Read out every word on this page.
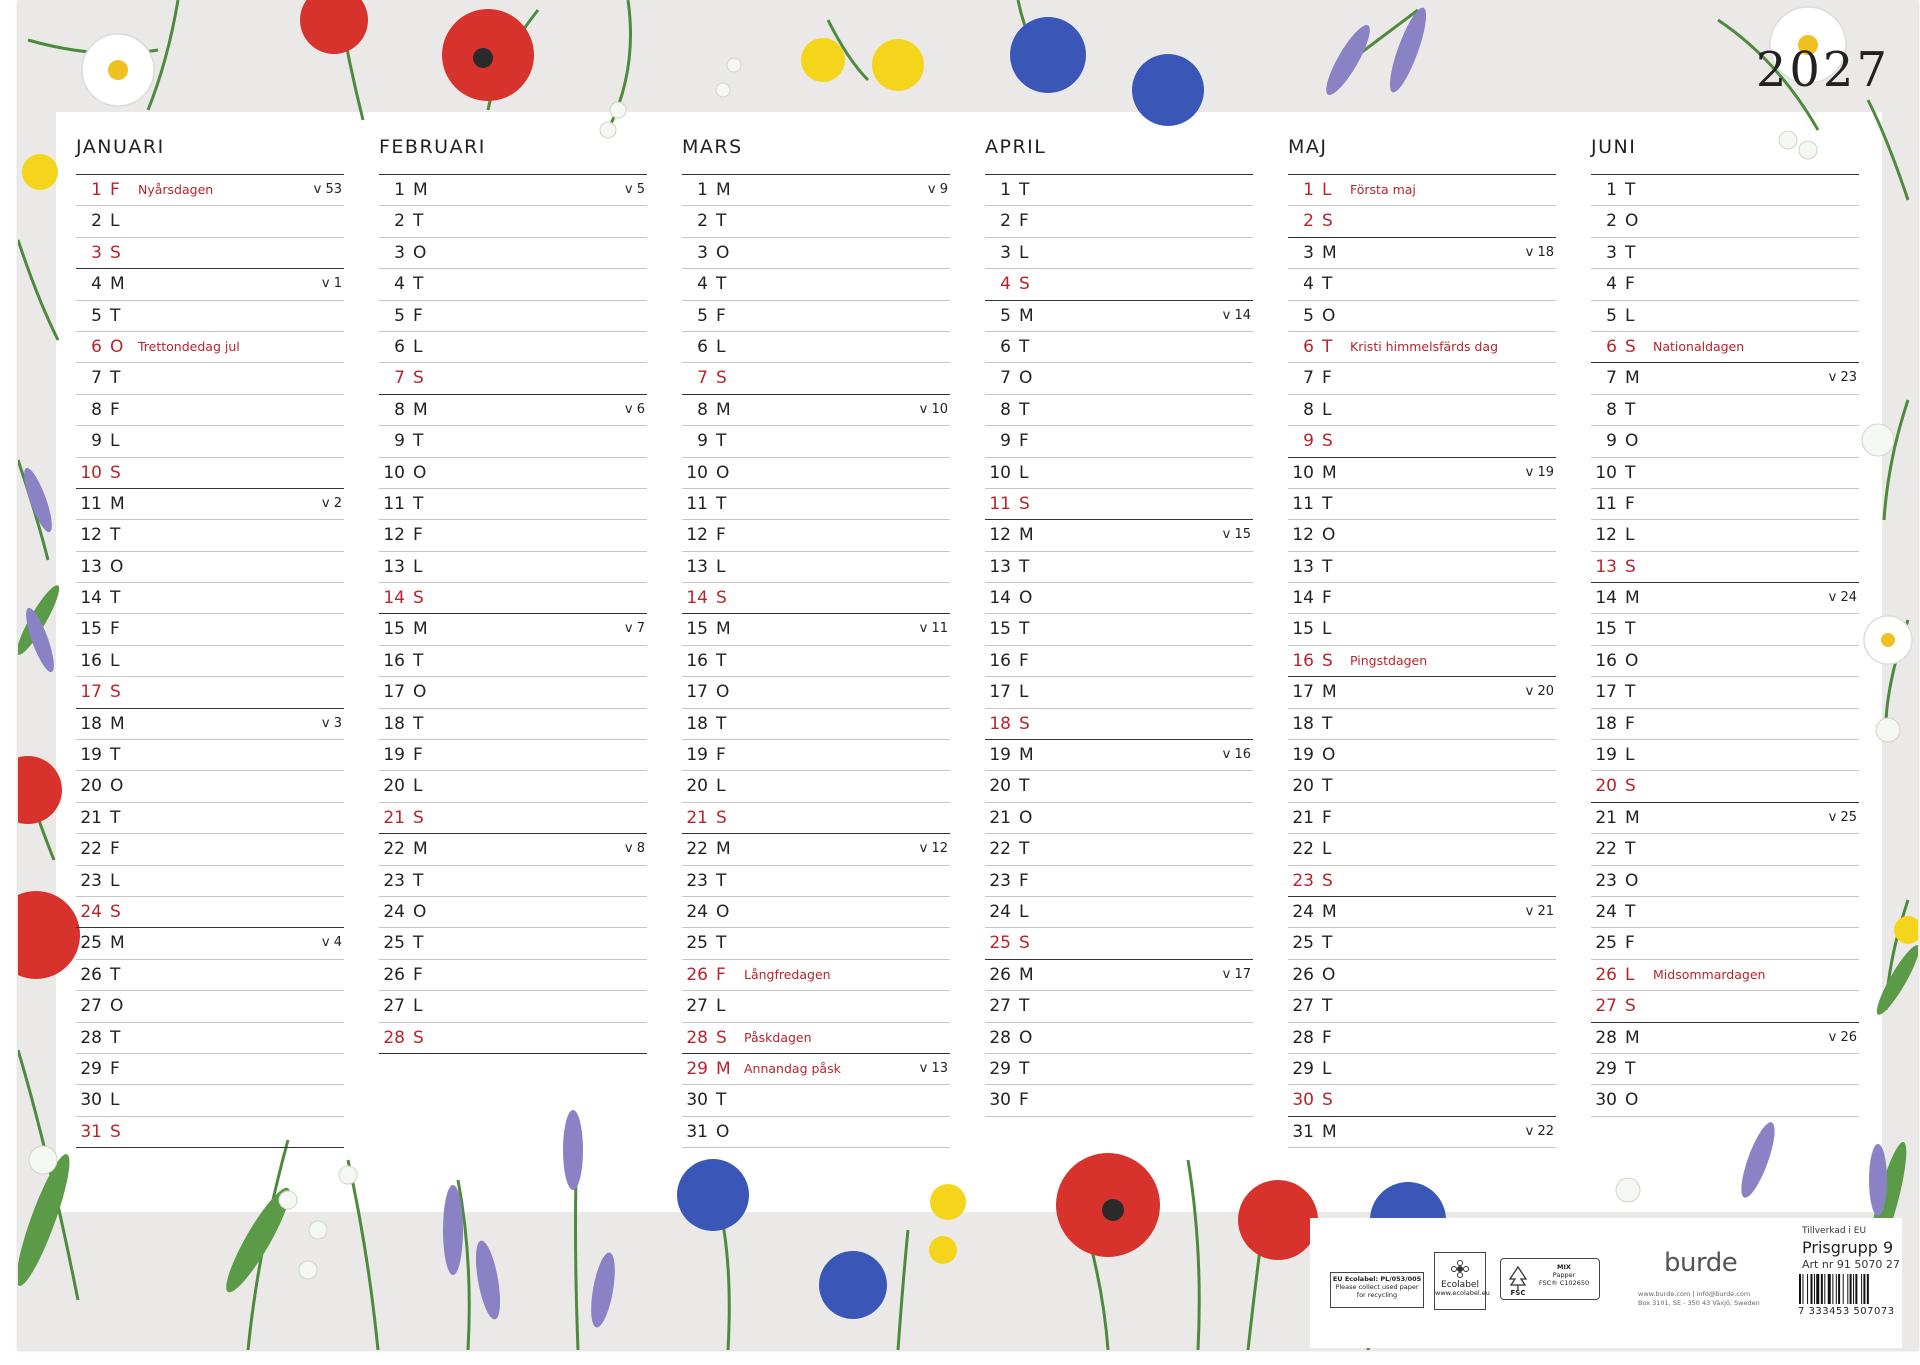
2027
JANUARI
1 F Nyårsdagen	v 53
2 L
3 S
4 M	v 1
5 T
6 O Trettondedag jul
7 T
8 F
9 L
10 S
11 M	v 2
12 T
13 O
14 T
15 F
16 L
17 S
18 M	v 3
19 T
20 O
21 T
22 F
23 L
24 S
25 M	v 4
26 T
27 O
28 T
29 F
30 L
31 S
FEBRUARI
1 M	v 5
2 T
3 O
4 T
5 F
6 L
7 S
8 M	v 6
9 T
10 O
11 T
12 F
13 L
14 S
15 M	v 7
16 T
17 O
18 T
19 F
20 L
21 S
22 M	v 8
23 T
24 O
25 T
26 F
27 L
28 S
MARS
1 M	v 9
2 T
3 O
4 T
5 F
6 L
7 S
8 M	v 10
9 T
10 O
11 T
12 F
13 L
14 S
15 M	v 11
16 T
17 O
18 T
19 F
20 L
21 S
22 M	v 12
23 T
24 O
25 T
26 F Långfredagen
27 L
28 S Påskdagen
29 M Annandag påsk	v 13
30 T
31 O
APRIL
1 T
2 F
3 L
4 S
5 M	v 14
6 T
7 O
8 T
9 F
10 L
11 S
12 M	v 15
13 T
14 O
15 T
16 F
17 L
18 S
19 M	v 16
20 T
21 O
22 T
23 F
24 L
25 S
26 M	v 17
27 T
28 O
29 T
30 F
MAJ
1 L Första maj
2 S
3 M	v 18
4 T
5 O
6 T Kristi himmelsfärds dag
7 F
8 L
9 S
10 M	v 19
11 T
12 O
13 T
14 F
15 L
16 S Pingstdagen
17 M	v 20
18 T
19 O
20 T
21 F
22 L
23 S
24 M	v 21
25 T
26 O
27 T
28 F
29 L
30 S
31 M	v 22
JUNI
1 T
2 O
3 T
4 F
5 L
6 S Nationaldagen
7 M	v 23
8 T
9 O
10 T
11 F
12 L
13 S
14 M	v 24
15 T
16 O
17 T
18 F
19 L
20 S
21 M	v 25
22 T
23 O
24 T
25 F
26 L Midsommardagen
27 S
28 M	v 26
29 T
30 O
EU Ecolabel: PL/053/005
Please collect used paper
for recycling
Ecolabel
www.ecolabel.eu	FSC
MIX
Papper
FSC® C102650
burde
www.burde.com | info@burde.com
Box 3101, SE - 350 43 Växjö, Sweden
Tillverkad i EU
Prisgrupp 9
Art nr 91 5070 27
7 333453 507073
